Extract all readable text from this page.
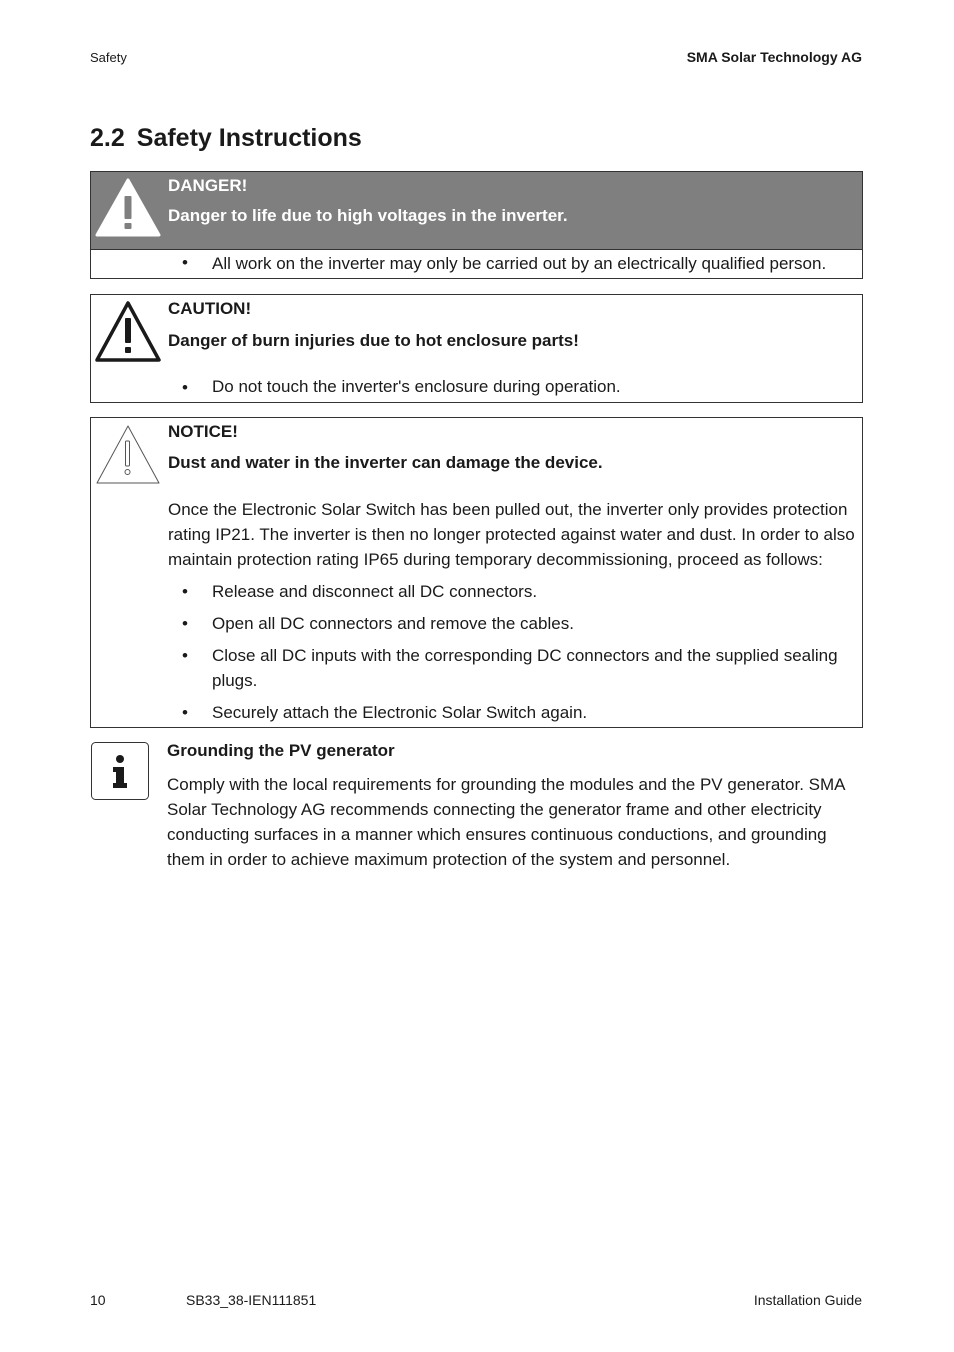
Safety	SMA Solar Technology AG
2.2 Safety Instructions
DANGER!
Danger to life due to high voltages in the inverter.
• All work on the inverter may only be carried out by an electrically qualified person.
CAUTION!
Danger of burn injuries due to hot enclosure parts!
• Do not touch the inverter's enclosure during operation.
NOTICE!
Dust and water in the inverter can damage the device.
Once the Electronic Solar Switch has been pulled out, the inverter only provides protection rating IP21. The inverter is then no longer protected against water and dust. In order to also maintain protection rating IP65 during temporary decommissioning, proceed as follows:
• Release and disconnect all DC connectors.
• Open all DC connectors and remove the cables.
• Close all DC inputs with the corresponding DC connectors and the supplied sealing plugs.
• Securely attach the Electronic Solar Switch again.
Grounding the PV generator
Comply with the local requirements for grounding the modules and the PV generator. SMA Solar Technology AG recommends connecting the generator frame and other electricity conducting surfaces in a manner which ensures continuous conductions, and grounding them in order to achieve maximum protection of the system and personnel.
10	SB33_38-IEN111851	Installation Guide
